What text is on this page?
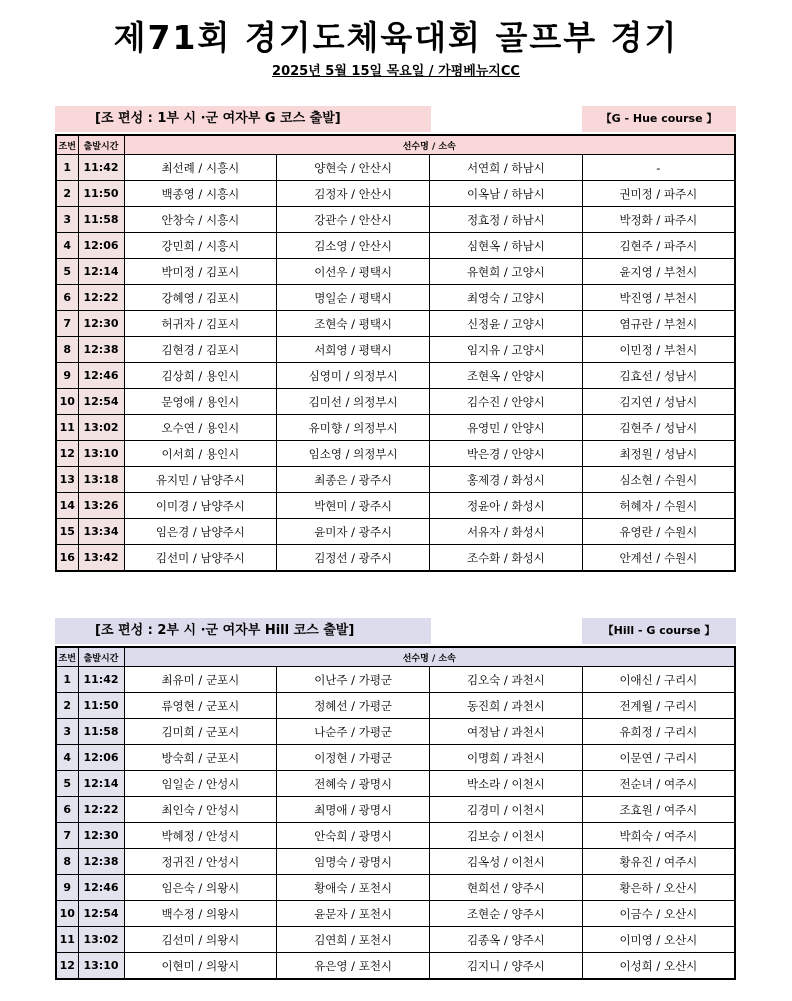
제71회 경기도체육대회 골프부 경기
2025년 5월 15일 목요일 / 가평베뉴지CC
[조 편성 : 1부 시 ·군 여자부 G 코스 출발]	【G - Hue course 】
조번	출발시간	선수명 / 소속			
1	11:42	최선례 / 시흥시	양현숙 / 안산시	서연희 / 하남시	-
2	11:50	백종영 / 시흥시	김정자 / 안산시	이옥남 / 하남시	권미정 / 파주시
3	11:58	안창숙 / 시흥시	강관수 / 안산시	정효정 / 하남시	박정화 / 파주시
4	12:06	강민희 / 시흥시	김소영 / 안산시	심현옥 / 하남시	김현주 / 파주시
5	12:14	박미정 / 김포시	이선우 / 평택시	유현희 / 고양시	윤지영 / 부천시
6	12:22	강혜영 / 김포시	명일순 / 평택시	최영숙 / 고양시	박진영 / 부천시
7	12:30	허귀자 / 김포시	조현숙 / 평택시	신정윤 / 고양시	염규란 / 부천시
8	12:38	김현경 / 김포시	서희영 / 평택시	임지유 / 고양시	이민정 / 부천시
9	12:46	김상희 / 용인시	심영미 / 의정부시	조현옥 / 안양시	김효선 / 성남시
10	12:54	문영애 / 용인시	김미선 / 의정부시	김수진 / 안양시	김지연 / 성남시
11	13:02	오수연 / 용인시	유미향 / 의정부시	유영민 / 안양시	김현주 / 성남시
12	13:10	이서희 / 용인시	임소영 / 의정부시	박은경 / 안양시	최정원 / 성남시
13	13:18	유지민 / 남양주시	최종은 / 광주시	홍제경 / 화성시	심소현 / 수원시
14	13:26	이미경 / 남양주시	박현미 / 광주시	정윤아 / 화성시	허혜자 / 수원시
15	13:34	임은경 / 남양주시	윤미자 / 광주시	서유자 / 화성시	유영란 / 수원시
16	13:42	김선미 / 남양주시	김정선 / 광주시	조수화 / 화성시	안계선 / 수원시
[조 편성 : 2부 시 ·군 여자부 Hill 코스 출발]	【Hill - G course 】
조번	출발시간	선수명 / 소속			
1	11:42	최유미 / 군포시	이난주 / 가평군	김오숙 / 과천시	이애신 / 구리시
2	11:50	류영현 / 군포시	정혜선 / 가평군	동진희 / 과천시	전계월 / 구리시
3	11:58	김미희 / 군포시	나순주 / 가평군	여정남 / 과천시	유희정 / 구리시
4	12:06	방숙희 / 군포시	이정현 / 가평군	이명희 / 과천시	이문연 / 구리시
5	12:14	임일순 / 안성시	전혜숙 / 광명시	박소라 / 이천시	전순녀 / 여주시
6	12:22	최인숙 / 안성시	최명애 / 광명시	김경미 / 이천시	조효원 / 여주시
7	12:30	박혜정 / 안성시	안숙희 / 광명시	김보승 / 이천시	박희숙 / 여주시
8	12:38	정귀진 / 안성시	임명숙 / 광명시	김옥성 / 이천시	황유진 / 여주시
9	12:46	임은숙 / 의왕시	황애숙 / 포천시	현희선 / 양주시	황은하 / 오산시
10	12:54	백수정 / 의왕시	윤문자 / 포천시	조현순 / 양주시	이금수 / 오산시
11	13:02	김선미 / 의왕시	김연희 / 포천시	김종옥 / 양주시	이미영 / 오산시
12	13:10	이현미 / 의왕시	유은영 / 포천시	김지니 / 양주시	이성희 / 오산시
